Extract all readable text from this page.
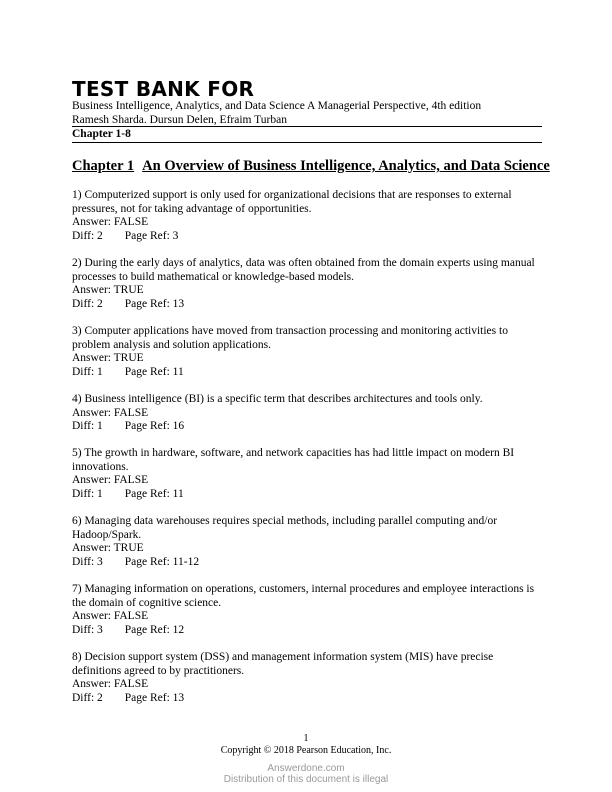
TEST BANK FOR

Business Intelligence, Analytics, and Data Science A Managerial Perspective, 4th edition

Ramesh Sharda. Dursun Delen, Efraim Turban

Chapter 1-8
Chapter 1 An Overview of Business Intelligence, Analytics, and Data Science

1) Computerized support is only used for organizational decisions that are responses to external pressures, not for taking advantage of opportunities.

Answer: FALSE

Diff: 2 Page Ref: 3

2) During the early days of analytics, data was often obtained from the domain experts using manual processes to build mathematical or knowledge-based models.

Answer: TRUE

Diff: 2 Page Ref: 13

3) Computer applications have moved from transaction processing and monitoring activities to problem analysis and solution applications.

Answer: TRUE

Diff: 1 Page Ref: 11

4) Business intelligence (BI) is a specific term that describes architectures and tools only.

Answer: FALSE

Diff: 1 Page Ref: 16

5) The growth in hardware, software, and network capacities has had little impact on modern BI innovations.

Answer: FALSE

Diff: 1 Page Ref: 11

6) Managing data warehouses requires special methods, including parallel computing and/or Hadoop/Spark.

Answer: TRUE

Diff: 3 Page Ref: 11-12

7) Managing information on operations, customers, internal procedures and employee interactions is the domain of cognitive science.

Answer: FALSE

Diff: 3 Page Ref: 12

8) Decision support system (DSS) and management information system (MIS) have precise definitions agreed to by practitioners.

Answer: FALSE

Diff: 2 Page Ref: 13

1
Copyright © 2018 Pearson Education, Inc.
Answerdone.com
Distribution of this document is illegal
